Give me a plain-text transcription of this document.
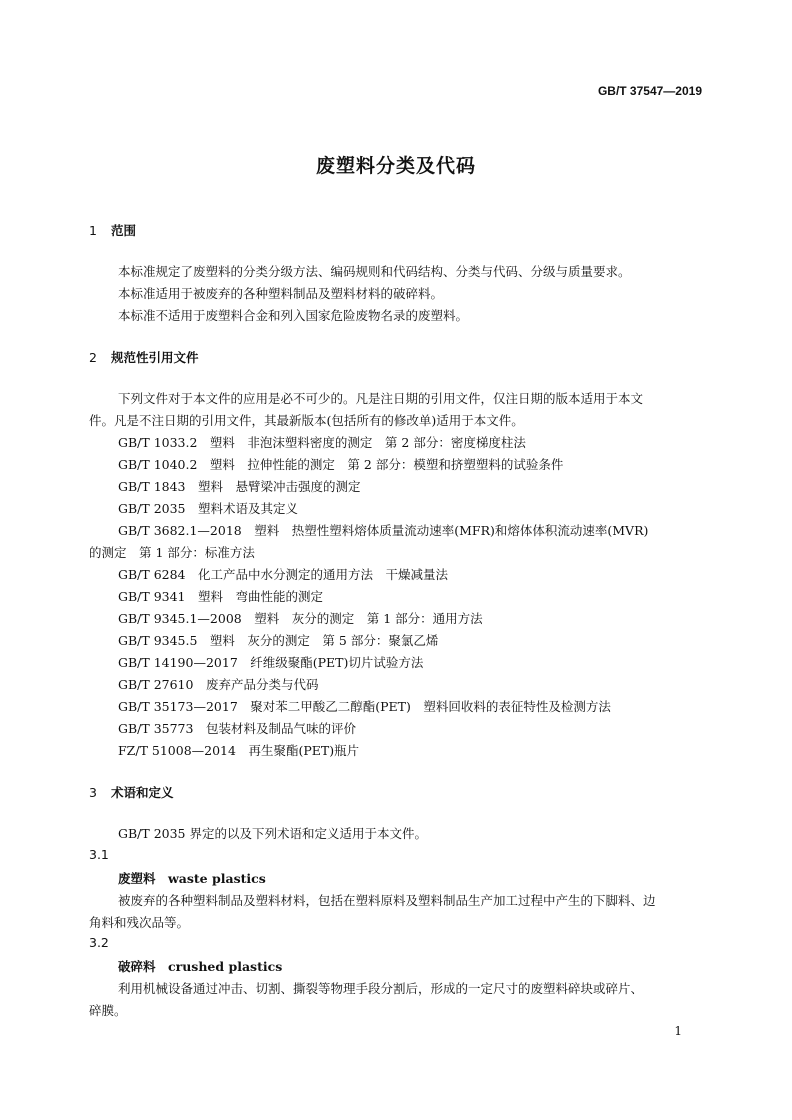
GB/T 37547—2019
废塑料分类及代码
1 范围
本标准规定了废塑料的分类分级方法、编码规则和代码结构、分类与代码、分级与质量要求。
本标准适用于被废弃的各种塑料制品及塑料材料的破碎料。
本标准不适用于废塑料合金和列入国家危险废物名录的废塑料。
2 规范性引用文件
下列文件对于本文件的应用是必不可少的。凡是注日期的引用文件，仅注日期的版本适用于本文
件。凡是不注日期的引用文件，其最新版本(包括所有的修改单)适用于本文件。
GB/T 1033.2　塑料　非泡沫塑料密度的测定　第 2 部分：密度梯度柱法
GB/T 1040.2　塑料　拉伸性能的测定　第 2 部分：模塑和挤塑塑料的试验条件
GB/T 1843　塑料　悬臂梁冲击强度的测定
GB/T 2035　塑料术语及其定义
GB/T 3682.1—2018　塑料　热塑性塑料熔体质量流动速率(MFR)和熔体体积流动速率(MVR)
的测定　第 1 部分：标准方法
GB/T 6284　化工产品中水分测定的通用方法　干燥减量法
GB/T 9341　塑料　弯曲性能的测定
GB/T 9345.1—2008　塑料　灰分的测定　第 1 部分：通用方法
GB/T 9345.5　塑料　灰分的测定　第 5 部分：聚氯乙烯
GB/T 14190—2017　纤维级聚酯(PET)切片试验方法
GB/T 27610　废弃产品分类与代码
GB/T 35173—2017　聚对苯二甲酸乙二醇酯(PET)　塑料回收料的表征特性及检测方法
GB/T 35773　包装材料及制品气味的评价
FZ/T 51008—2014　再生聚酯(PET)瓶片
3 术语和定义
GB/T 2035 界定的以及下列术语和定义适用于本文件。
3.1
废塑料　waste plastics
被废弃的各种塑料制品及塑料材料，包括在塑料原料及塑料制品生产加工过程中产生的下脚料、边
角料和残次品等。
3.2
破碎料　crushed plastics
利用机械设备通过冲击、切割、撕裂等物理手段分割后，形成的一定尺寸的废塑料碎块或碎片、
碎膜。
1
